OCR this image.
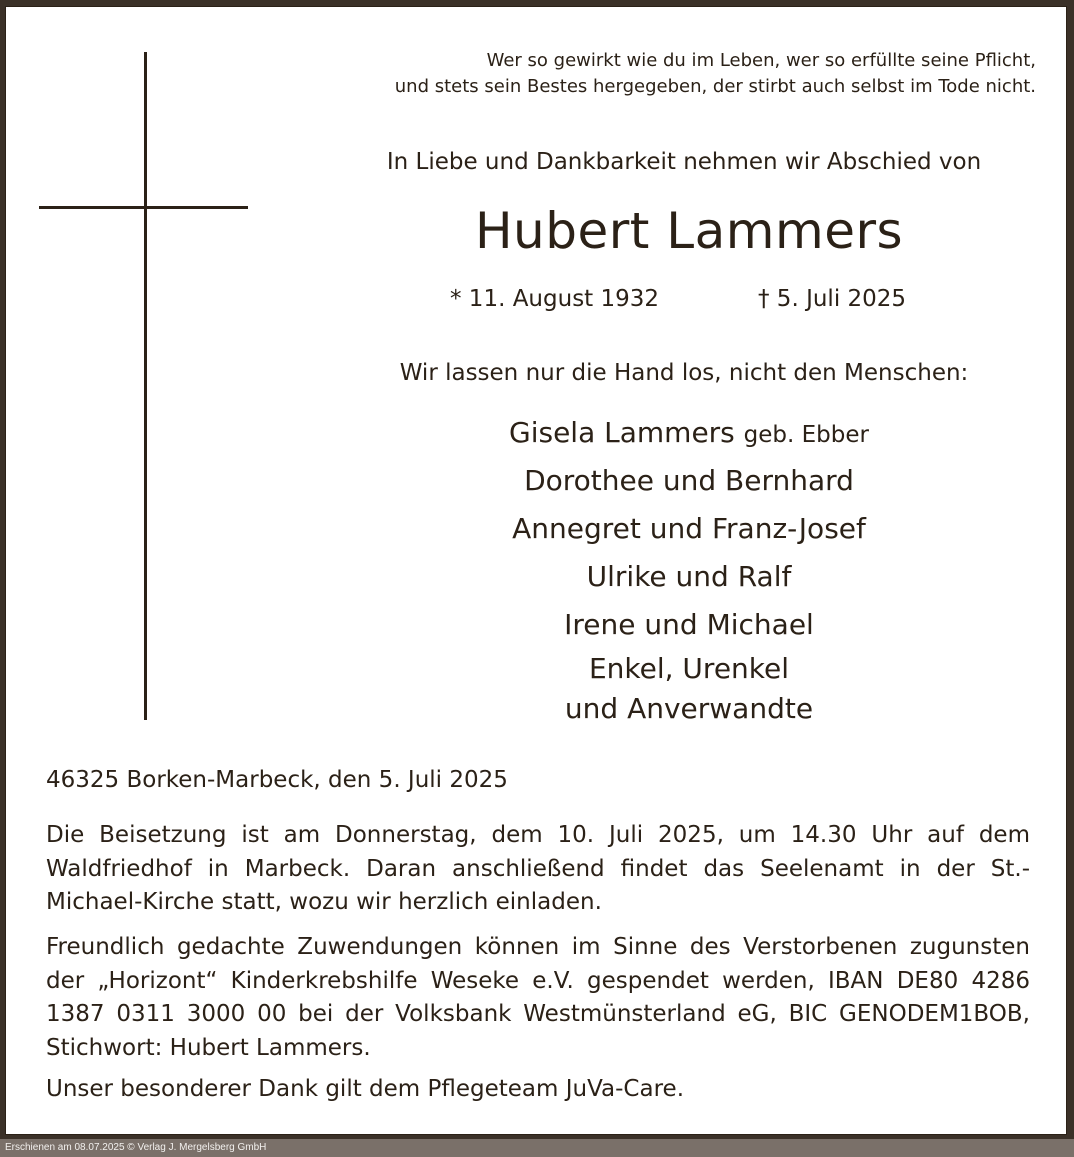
Wer so gewirkt wie du im Leben, wer so erfüllte seine Pflicht,
und stets sein Bestes hergegeben, der stirbt auch selbst im Tode nicht.
In Liebe und Dankbarkeit nehmen wir Abschied von
Hubert Lammers
* 11. August 1932	† 5. Juli 2025
Wir lassen nur die Hand los, nicht den Menschen:
Gisela Lammers geb. Ebber
Dorothee und Bernhard
Annegret und Franz-Josef
Ulrike und Ralf
Irene und Michael
Enkel, Urenkel
und Anverwandte
46325 Borken-Marbeck, den 5. Juli 2025
Die Beisetzung ist am Donnerstag, dem 10. Juli 2025, um 14.30 Uhr auf dem Waldfriedhof in Marbeck. Daran anschließend findet das Seelenamt in der St.-Michael-Kirche statt, wozu wir herzlich einladen.
Freundlich gedachte Zuwendungen können im Sinne des Verstorbenen zugunsten der „Horizont“ Kinderkrebshilfe Weseke e.V. gespendet werden, IBAN DE80 4286 1387 0311 3000 00 bei der Volksbank Westmünsterland eG, BIC GENODEM1BOB, Stichwort: Hubert Lammers.
Unser besonderer Dank gilt dem Pflegeteam JuVa-Care.
Erschienen am 08.07.2025 © Verlag J. Mergelsberg GmbH
